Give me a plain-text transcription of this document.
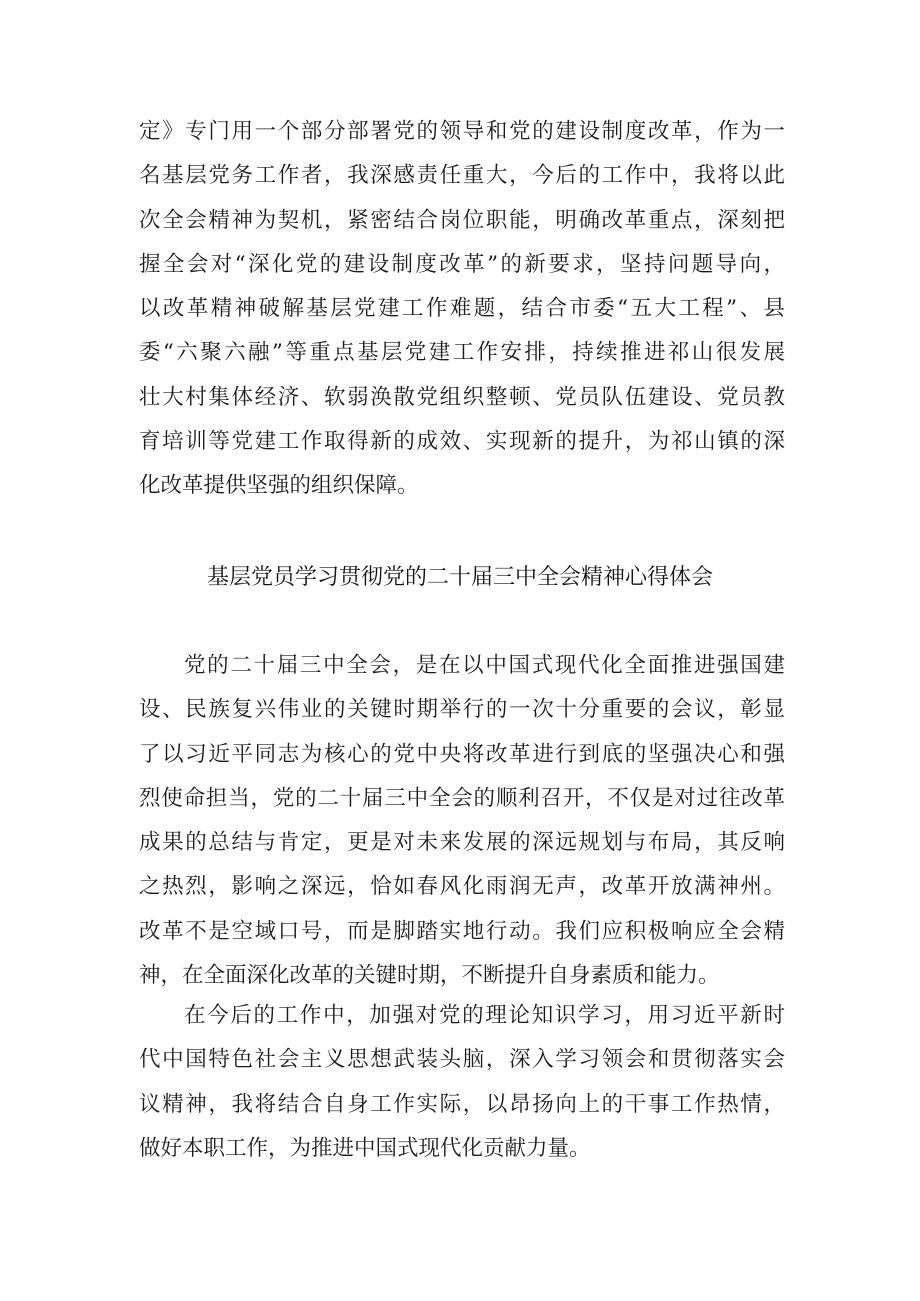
定》专门用一个部分部署党的领导和党的建设制度改革，作为一
名基层党务工作者，我深感责任重大，今后的工作中，我将以此
次全会精神为契机，紧密结合岗位职能，明确改革重点，深刻把
握全会对“深化党的建设制度改革”的新要求，坚持问题导向，
以改革精神破解基层党建工作难题，结合市委“五大工程”、县
委“六聚六融”等重点基层党建工作安排，持续推进祁山很发展
壮大村集体经济、软弱涣散党组织整顿、党员队伍建设、党员教
育培训等党建工作取得新的成效、实现新的提升，为祁山镇的深
化改革提供坚强的组织保障。
基层党员学习贯彻党的二十届三中全会精神心得体会
党的二十届三中全会，是在以中国式现代化全面推进强国建
设、民族复兴伟业的关键时期举行的一次十分重要的会议，彰显
了以习近平同志为核心的党中央将改革进行到底的坚强决心和强
烈使命担当，党的二十届三中全会的顺利召开，不仅是对过往改革
成果的总结与肯定，更是对未来发展的深远规划与布局，其反响
之热烈，影响之深远，恰如春风化雨润无声，改革开放满神州。
改革不是空域口号，而是脚踏实地行动。我们应积极响应全会精
神，在全面深化改革的关键时期，不断提升自身素质和能力。
在今后的工作中，加强对党的理论知识学习，用习近平新时
代中国特色社会主义思想武装头脑，深入学习领会和贯彻落实会
议精神，我将结合自身工作实际，以昂扬向上的干事工作热情，
做好本职工作，为推进中国式现代化贡献力量。
